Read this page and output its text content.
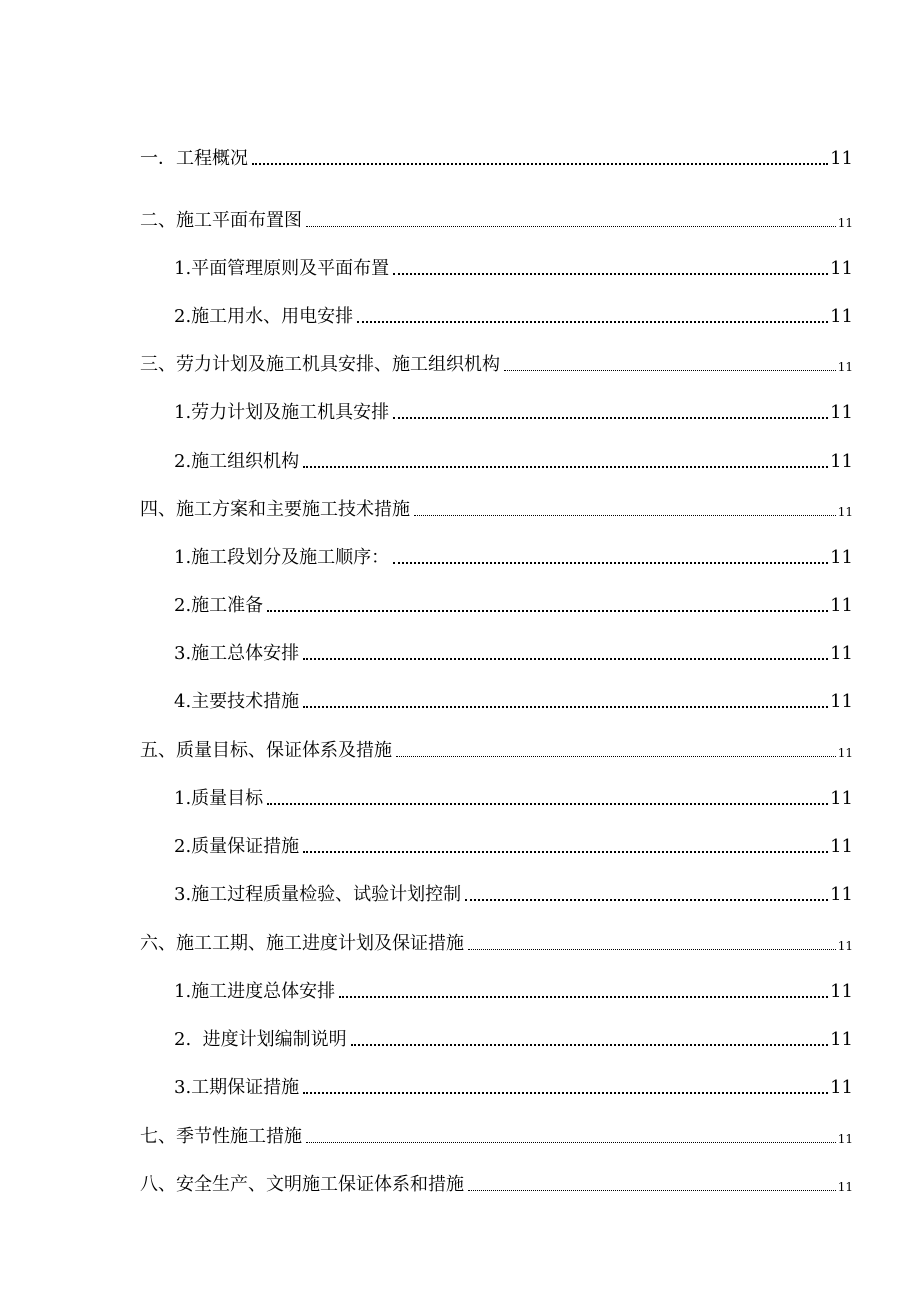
一．工程概况	11
二、施工平面布置图	11
1.平面管理原则及平面布置	11
2.施工用水、用电安排	11
三、劳力计划及施工机具安排、施工组织机构	11
1.劳力计划及施工机具安排	11
2.施工组织机构	11
四、施工方案和主要施工技术措施	11
1.施工段划分及施工顺序：	11
2.施工准备	11
3.施工总体安排	11
4.主要技术措施	11
五、质量目标、保证体系及措施	11
1.质量目标	11
2.质量保证措施	11
3.施工过程质量检验、试验计划控制	11
六、施工工期、施工进度计划及保证措施	11
1.施工进度总体安排	11
2.  进度计划编制说明	11
3.工期保证措施	11
七、季节性施工措施	11
八、安全生产、文明施工保证体系和措施	11
